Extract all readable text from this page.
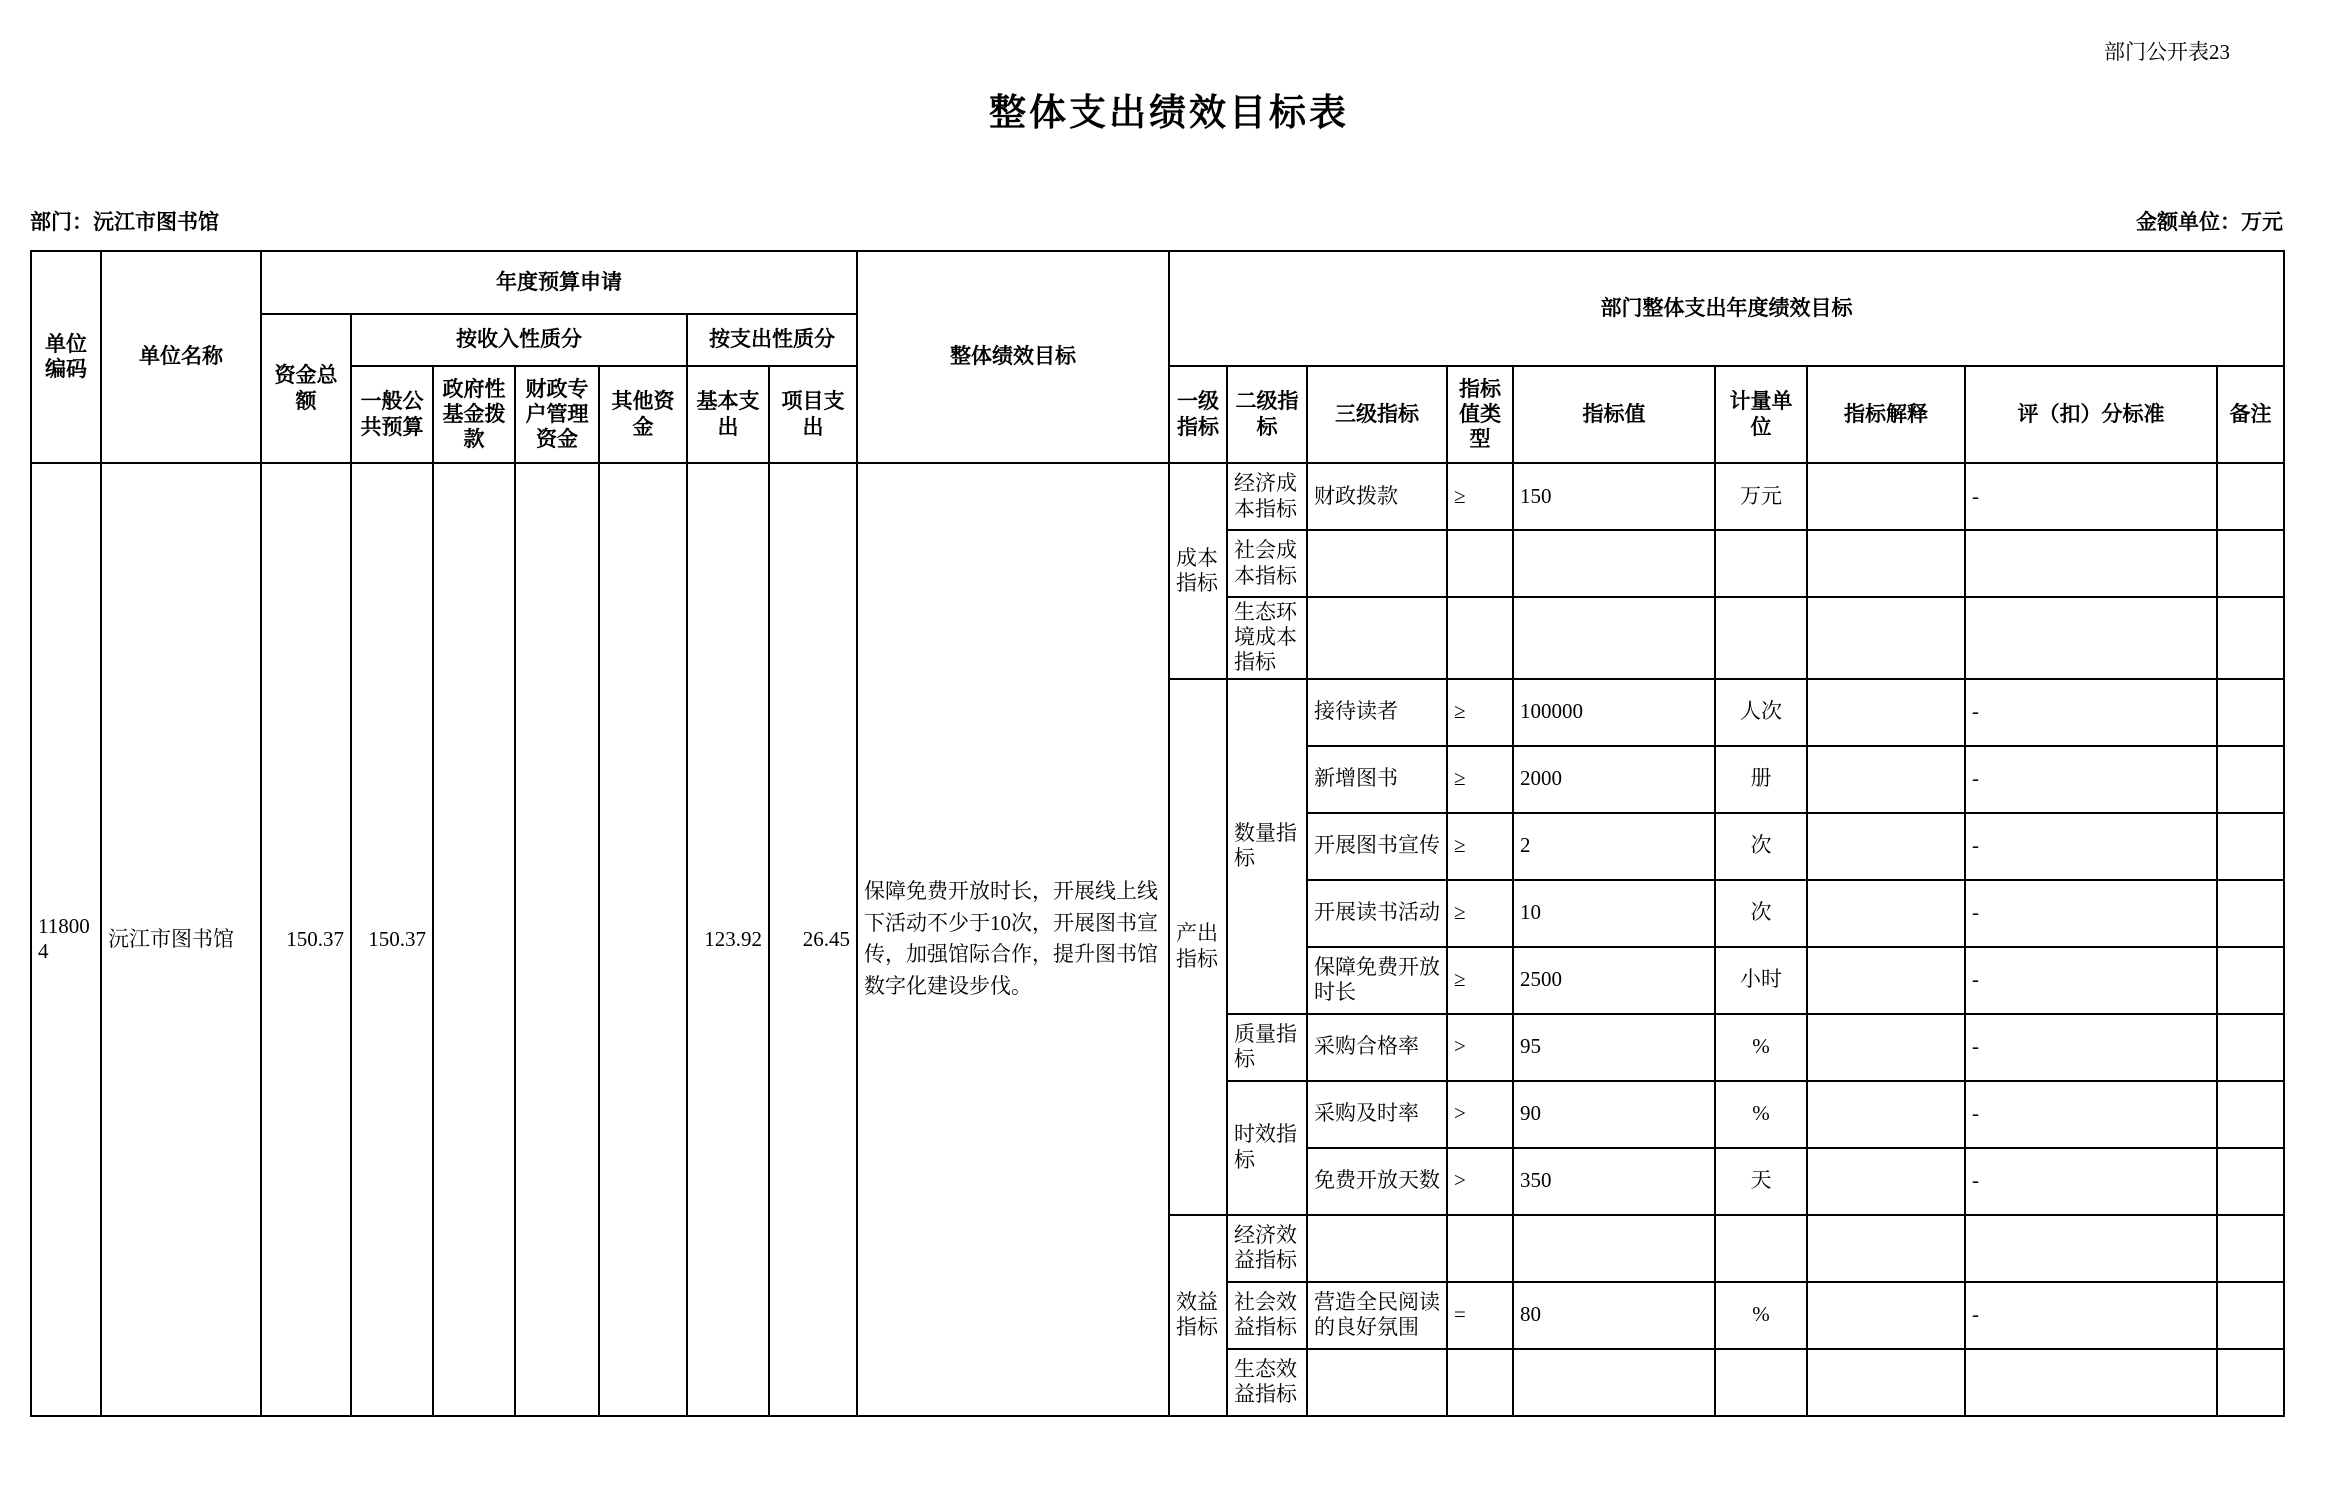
部门公开表23
整体支出绩效目标表
部门：沅江市图书馆	金额单位：万元
单位编码	单位名称	年度预算申请							整体绩效目标	部门整体支出年度绩效目标								
		资金总额	按收入性质分				按支出性质分											
			一般公共预算	政府性基金拨款	财政专户管理资金	其他资金	基本支出	项目支出		一级指标	二级指标	三级指标	指标值类型	指标值	计量单位	指标解释	评（扣）分标准	备注
118004	沅江市图书馆	150.37	150.37				123.92	26.45	保障免费开放时长，开展线上线下活动不少于10次，开展图书宣传，加强馆际合作，提升图书馆数字化建设步伐。	成本指标	经济成本指标	财政拨款	≥	150	万元		-	
											社会成本指标							
											生态环境成本指标							
										产出指标	数量指标	接待读者	≥	100000	人次		-	
												新增图书	≥	2000	册		-	
												开展图书宣传	≥	2	次		-	
												开展读书活动	≥	10	次		-	
												保障免费开放时长	≥	2500	小时		-	
											质量指标	采购合格率	>	95	%		-	
											时效指标	采购及时率	>	90	%		-	
												免费开放天数	>	350	天		-	
										效益指标	经济效益指标							
											社会效益指标	营造全民阅读的良好氛围	=	80	%		-	
											生态效益指标							
